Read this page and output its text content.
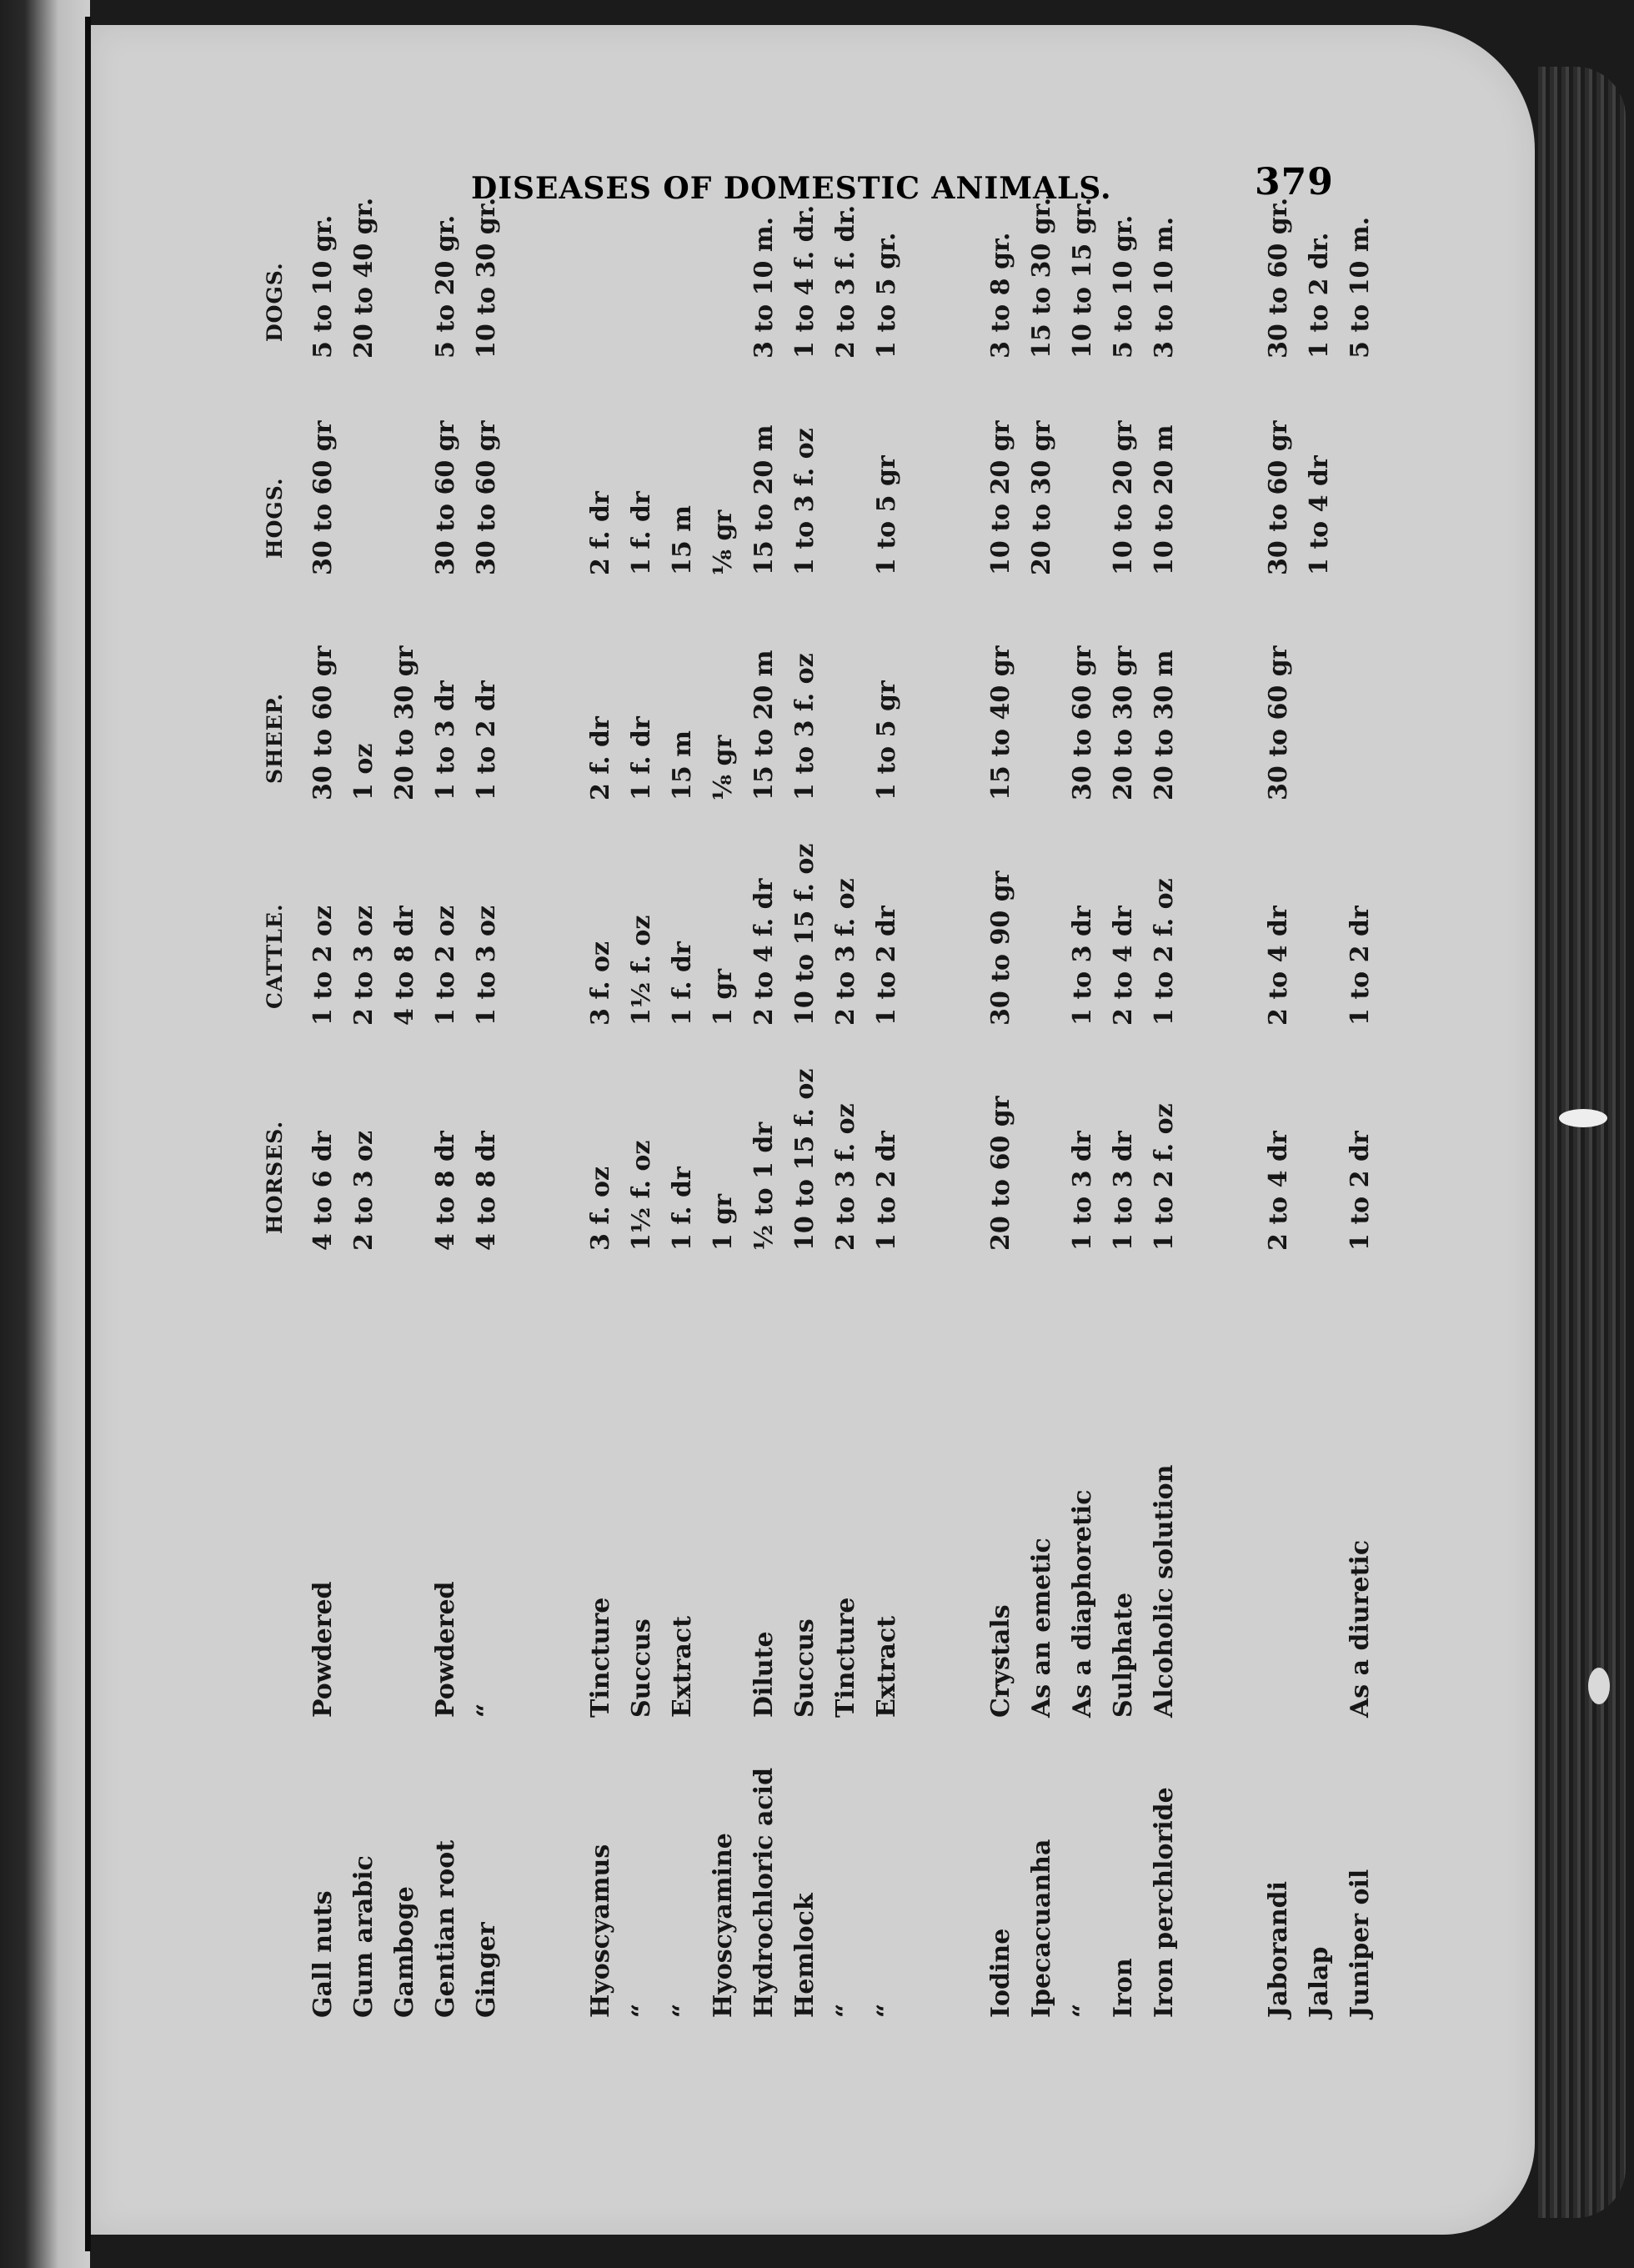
DISEASES OF DOMESTIC ANIMALS.	379
HORSES.
CATTLE.
SHEEP.
HOGS.
DOGS.
Gall nuts
Powdered
4 to 6 dr
1 to 2 oz
30 to 60 gr
30 to 60 gr
5 to 10 gr.
Gum arabic
2 to 3 oz
2 to 3 oz
1 oz
20 to 40 gr.
Gamboge
4 to 8 dr
20 to 30 gr
Gentian root
Powdered
4 to 8 dr
1 to 2 oz
1 to 3 dr
30 to 60 gr
5 to 20 gr.
Ginger
“
4 to 8 dr
1 to 3 oz
1 to 2 dr
30 to 60 gr
10 to 30 gr.
Hyoscyamus
Tincture
3 f. oz
3 f. oz
2 f. dr
2 f. dr
“
Succus
1½ f. oz
1½ f. oz
1 f. dr
1 f. dr
“
Extract
1 f. dr
1 f. dr
15 m
15 m
Hyoscyamine
1 gr
1 gr
⅛ gr
⅛ gr
Hydrochloric acid
Dilute
½ to 1 dr
2 to 4 f. dr
15 to 20 m
15 to 20 m
3 to 10 m.
Hemlock
Succus
10 to 15 f. oz
10 to 15 f. oz
1 to 3 f. oz
1 to 3 f. oz
1 to 4 f. dr.
“
Tincture
2 to 3 f. oz
2 to 3 f. oz
2 to 3 f. dr.
“
Extract
1 to 2 dr
1 to 2 dr
1 to 5 gr
1 to 5 gr
1 to 5 gr.
Iodine
Crystals
20 to 60 gr
30 to 90 gr
15 to 40 gr
10 to 20 gr
3 to 8 gr.
Ipecacuanha
As an emetic
20 to 30 gr
15 to 30 gr.
“
As a diaphoretic
1 to 3 dr
1 to 3 dr
30 to 60 gr
10 to 15 gr.
Iron
Sulphate
1 to 3 dr
2 to 4 dr
20 to 30 gr
10 to 20 gr
5 to 10 gr.
Iron perchloride
Alcoholic solution
1 to 2 f. oz
1 to 2 f. oz
20 to 30 m
10 to 20 m
3 to 10 m.
Jaborandi
2 to 4 dr
2 to 4 dr
30 to 60 gr
30 to 60 gr
30 to 60 gr.
Jalap
1 to 4 dr
1 to 2 dr.
Juniper oil
As a diuretic
1 to 2 dr
1 to 2 dr
5 to 10 m.
